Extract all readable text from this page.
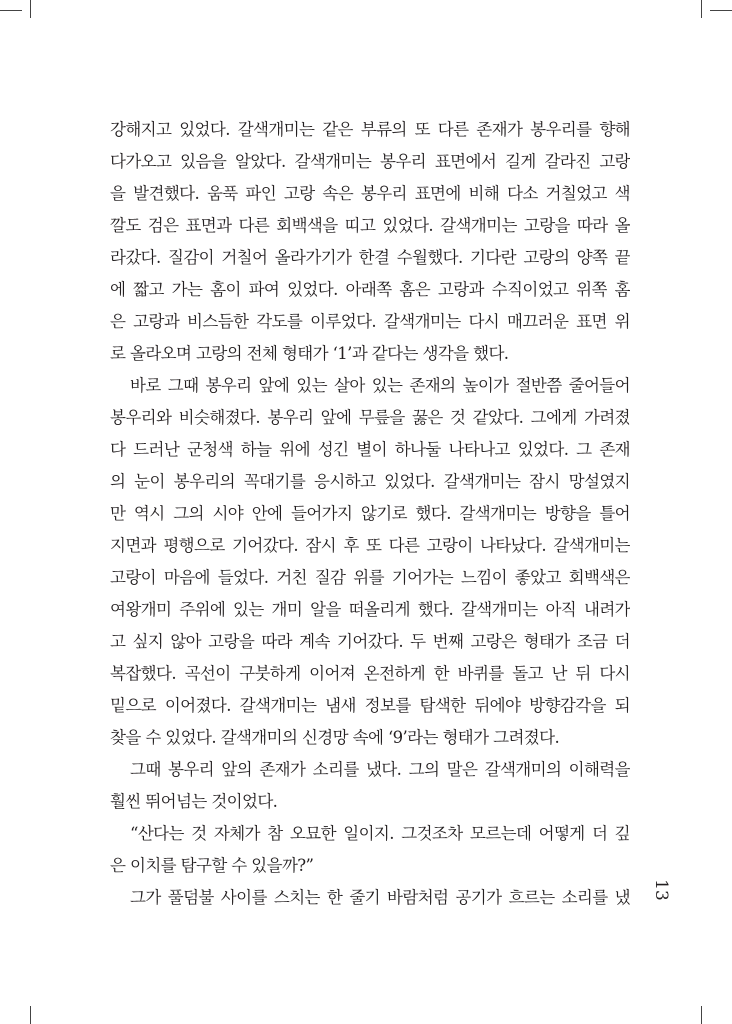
강해지고 있었다. 갈색개미는 같은 부류의 또 다른 존재가 봉우리를 향해
다가오고 있음을 알았다. 갈색개미는 봉우리 표면에서 길게 갈라진 고랑
을 발견했다. 움푹 파인 고랑 속은 봉우리 표면에 비해 다소 거칠었고 색
깔도 검은 표면과 다른 회백색을 띠고 있었다. 갈색개미는 고랑을 따라 올
라갔다. 질감이 거칠어 올라가기가 한결 수월했다. 기다란 고랑의 양쪽 끝
에 짧고 가는 홈이 파여 있었다. 아래쪽 홈은 고랑과 수직이었고 위쪽 홈
은 고랑과 비스듬한 각도를 이루었다. 갈색개미는 다시 매끄러운 표면 위
로 올라오며 고랑의 전체 형태가 ‘1’과 같다는 생각을 했다.
바로 그때 봉우리 앞에 있는 살아 있는 존재의 높이가 절반쯤 줄어들어
봉우리와 비슷해졌다. 봉우리 앞에 무릎을 꿇은 것 같았다. 그에게 가려졌
다 드러난 군청색 하늘 위에 성긴 별이 하나둘 나타나고 있었다. 그 존재
의 눈이 봉우리의 꼭대기를 응시하고 있었다. 갈색개미는 잠시 망설였지
만 역시 그의 시야 안에 들어가지 않기로 했다. 갈색개미는 방향을 틀어
지면과 평행으로 기어갔다. 잠시 후 또 다른 고랑이 나타났다. 갈색개미는
고랑이 마음에 들었다. 거친 질감 위를 기어가는 느낌이 좋았고 회백색은
여왕개미 주위에 있는 개미 알을 떠올리게 했다. 갈색개미는 아직 내려가
고 싶지 않아 고랑을 따라 계속 기어갔다. 두 번째 고랑은 형태가 조금 더
복잡했다. 곡선이 구붓하게 이어져 온전하게 한 바퀴를 돌고 난 뒤 다시
밑으로 이어졌다. 갈색개미는 냄새 정보를 탐색한 뒤에야 방향감각을 되
찾을 수 있었다. 갈색개미의 신경망 속에 ‘9’라는 형태가 그려졌다.
그때 봉우리 앞의 존재가 소리를 냈다. 그의 말은 갈색개미의 이해력을
훨씬 뛰어넘는 것이었다.
“산다는 것 자체가 참 오묘한 일이지. 그것조차 모르는데 어떻게 더 깊
은 이치를 탐구할 수 있을까?”
그가 풀덤불 사이를 스치는 한 줄기 바람처럼 공기가 흐르는 소리를 냈 13
